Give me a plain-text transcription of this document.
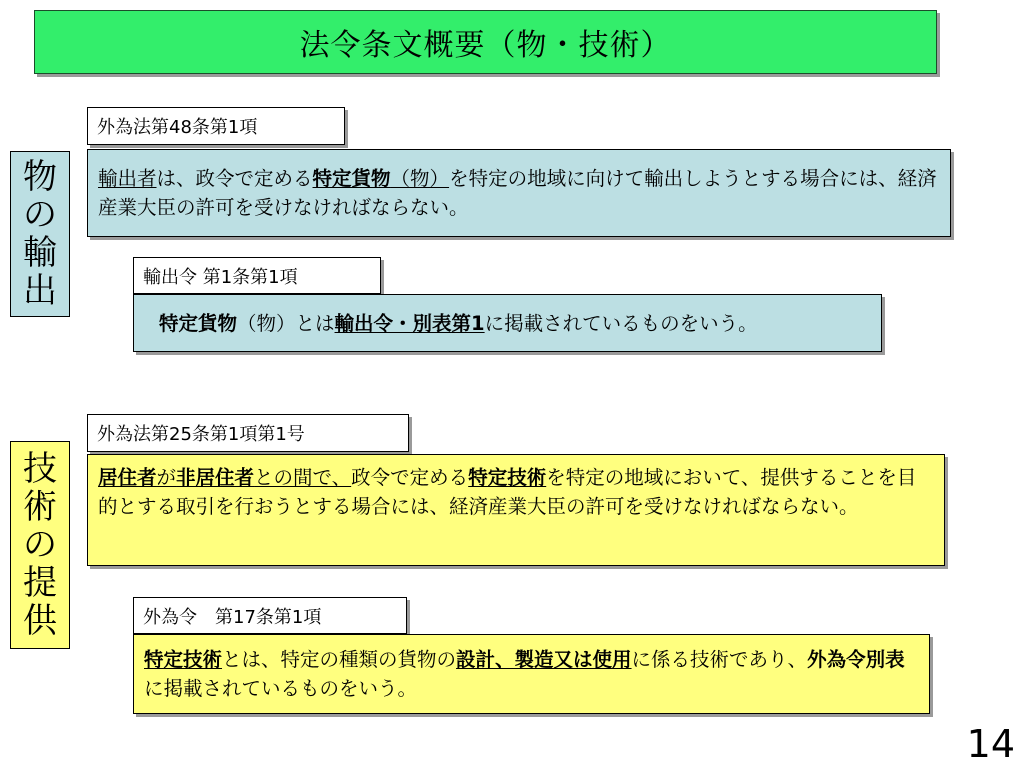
法令条文概要（物・技術）
物
の
輸
出
外為法第48条第1項
輸出者は、政令で定める特定貨物（物）を特定の地域に向けて輸出しようとする場合には、経済産業大臣の許可を受けなければならない。
輸出令 第1条第1項
特定貨物（物）とは輸出令・別表第1に掲載されているものをいう。
技
術
の
提
供
外為法第25条第1項第1号
居住者が非居住者との間で、政令で定める特定技術を特定の地域において、提供することを目的とする取引を行おうとする場合には、経済産業大臣の許可を受けなければならない。
外為令　第17条第1項
特定技術とは、特定の種類の貨物の設計、製造又は使用に係る技術であり、外為令別表に掲載されているものをいう。
14
